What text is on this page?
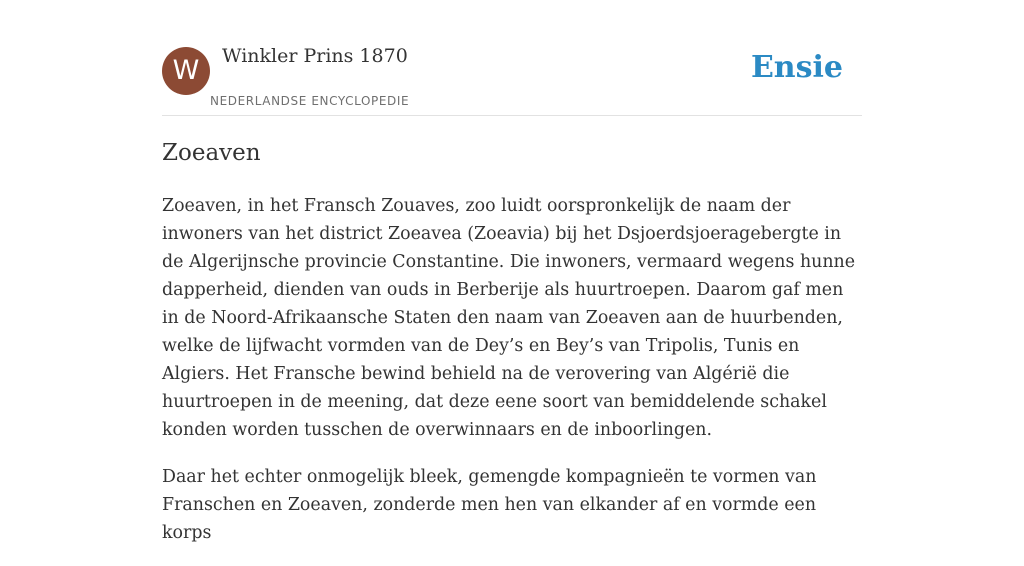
W	Winkler Prins 1870
NEDERLANDSE ENCYCLOPEDIE
Ensie
Zoeaven

Zoeaven, in het Fransch Zouaves, zoo luidt oorspronkelijk de naam der inwoners van het district Zoeavea (Zoeavia) bij het Dsjoerdsjoeragebergte in de Algerijnsche provincie Constantine. Die inwoners, vermaard wegens hunne dapperheid, dienden van ouds in Berberije als huurtroepen. Daarom gaf men in de Noord-Afrikaansche Staten den naam van Zoeaven aan de huurbenden, welke de lijfwacht vormden van de Dey’s en Bey’s van Tripolis, Tunis en Algiers. Het Fransche bewind behield na de verovering van Algérië die huurtroepen in de meening, dat deze eene soort van bemiddelende schakel konden worden tusschen de overwinnaars en de inboorlingen.

Daar het echter onmogelijk bleek, gemengde kompagnieën te vormen van Franschen en Zoeaven, zonderde men hen van elkander af en vormde een korps
